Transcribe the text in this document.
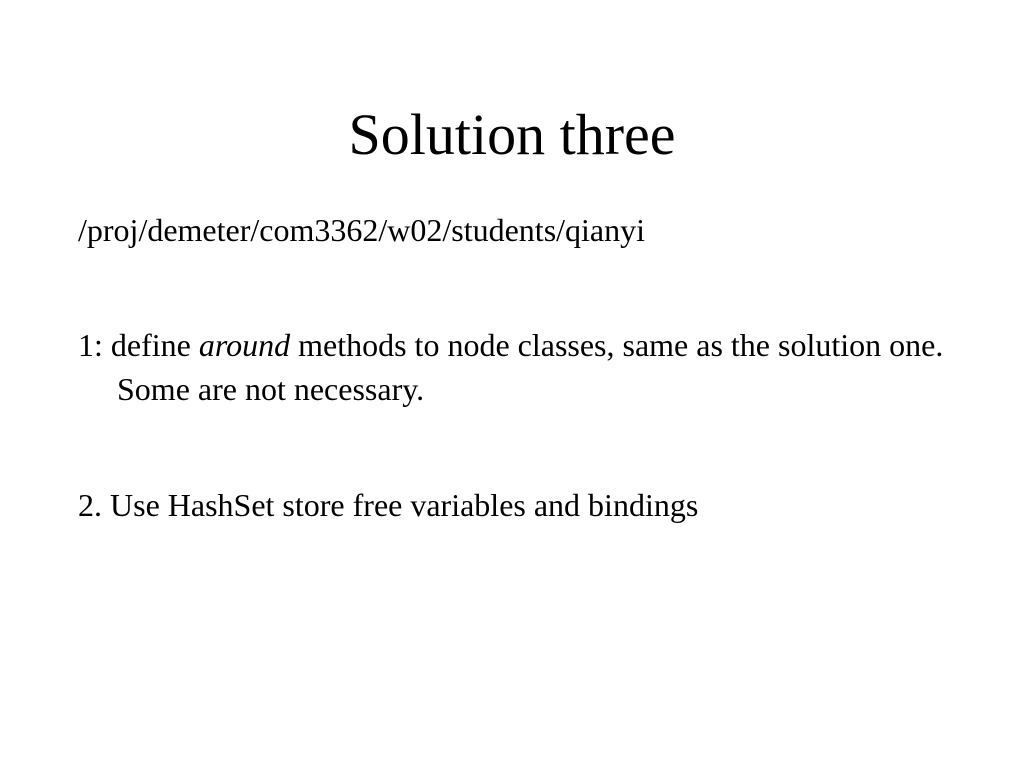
Solution three

/proj/demeter/com3362/w02/students/qianyi

1: define around methods to node classes, same as the solution one. Some are not necessary.

2. Use HashSet store free variables and bindings
